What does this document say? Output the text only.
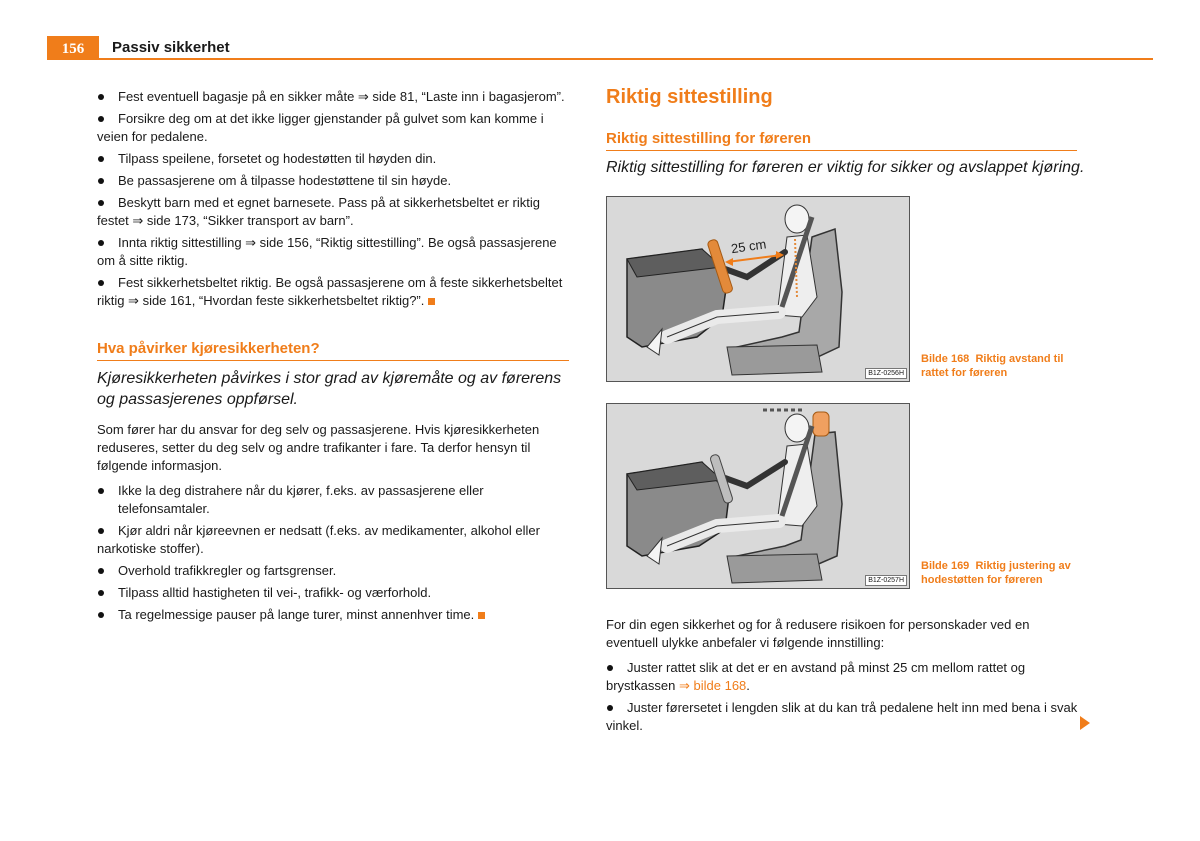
156	Passiv sikkerhet
Fest eventuell bagasje på en sikker måte ⇒ side 81, “Laste inn i bagasjerom”.
Forsikre deg om at det ikke ligger gjenstander på gulvet som kan komme i veien for pedalene.
Tilpass speilene, forsetet og hodestøtten til høyden din.
Be passasjerene om å tilpasse hodestøttene til sin høyde.
Beskytt barn med et egnet barnesete. Pass på at sikkerhetsbeltet er riktig festet ⇒ side 173, “Sikker transport av barn”.
Innta riktig sittestilling ⇒ side 156, “Riktig sittestilling”. Be også passasjerene om å sitte riktig.
Fest sikkerhetsbeltet riktig. Be også passasjerene om å feste sikkerhetsbeltet riktig ⇒ side 161, “Hvordan feste sikkerhetsbeltet riktig?”.
Hva påvirker kjøresikkerheten?
Kjøresikkerheten påvirkes i stor grad av kjøremåte og av førerens og passasjerenes oppførsel.
Som fører har du ansvar for deg selv og passasjerene. Hvis kjøresikkerheten reduseres, setter du deg selv og andre trafikanter i fare. Ta derfor hensyn til følgende informasjon.
Ikke la deg distrahere når du kjører, f.eks. av passasjerene eller telefonsamtaler.
Kjør aldri når kjøreevnen er nedsatt (f.eks. av medikamenter, alkohol eller narkotiske stoffer).
Overhold trafikkregler og fartsgrenser.
Tilpass alltid hastigheten til vei-, trafikk- og værforhold.
Ta regelmessige pauser på lange turer, minst annenhver time.
Riktig sittestilling
Riktig sittestilling for føreren
Riktig sittestilling for føreren er viktig for sikker og avslappet kjøring.
25 cm
B1Z-0256H
Bilde 168 Riktig avstand til rattet for føreren
B1Z-0257H
Bilde 169 Riktig justering av hodestøtten for føreren
For din egen sikkerhet og for å redusere risikoen for personskader ved en eventuell ulykke anbefaler vi følgende innstilling:
Juster rattet slik at det er en avstand på minst 25 cm mellom rattet og brystkassen ⇒ bilde 168.
Juster førersetet i lengden slik at du kan trå pedalene helt inn med bena i svak vinkel.
